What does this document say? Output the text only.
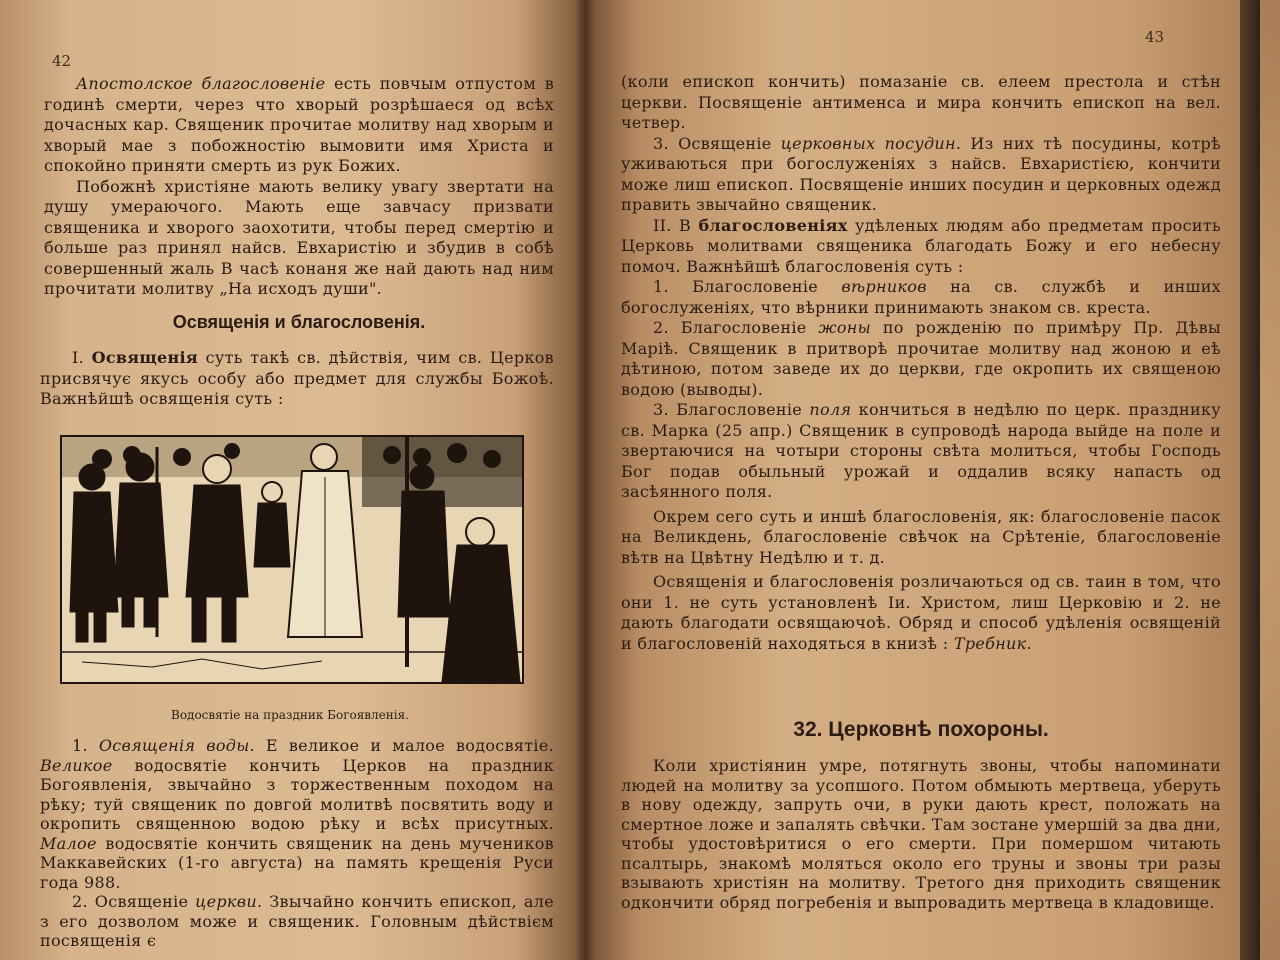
42

Апостолское благословеніе есть повчым отпустом в годинѣ смерти, через что хворый розрѣшаеся од всѣх дочасных кар. Священик прочитае молитву над хворым и хворый мае з побожностію вымовити имя Христа и спокойно приняти смерть из рук Божих.

Побожнѣ христіяне мають велику увагу звертати на душу умераючого. Мають еще завчасу призвати священика и хворого заохотити, чтобы перед смертію и больше раз принял найсв. Евхаристію и збудив в собѣ совершенный жаль В часѣ конаня же най дають над ним прочитати молитву „На исходъ души".

Освященія и благословенія.

I. Освященія суть такѣ св. дѣйствія, чим св. Церков присвячує якусь особу або предмет для службы Божоѣ. Важнѣйшѣ освященія суть :

Водосвятіе на праздник Богоявленія.

1. Освященія воды. Е великое и малое водосвятіе. Великое водосвятіе кончить Церков на праздник Богоявленія, звычайно з торжественным походом на рѣку; туй священик по довгой молитвѣ посвятить воду и окропить священною водою рѣку и всѣх присутных. Малое водосвятіе кончить священик на день мучеников Маккавейских (1-го августа) на память крещенія Руси года 988.

2. Освященіе церкви. Звычайно кончить епископ, але з его дозволом може и священик. Головным дѣйствієм посвященія є

43

(коли епископ кончить) помазаніе св. елеем престола и стѣн церкви. Посвященіе антименса и мира кончить епископ на вел. четвер.

3. Освященіе церковных посудин. Из них тѣ посудины, котрѣ уживаються при богослуженіях з найсв. Евхаристією, кончити може лиш епископ. Посвященіе инших посудин и церковных одежд править звычайно священик.

II. В благословеніях удѣленых людям або предметам просить Церковь молитвами священика благодать Божу и его небесну помоч. Важнѣйшѣ благословенія суть :

1. Благословеніе вѣрников на св. службѣ и инших богослуженіях, что вѣрники принимають знаком св. креста.

2. Благословеніе жоны по рожденію по примѣру Пр. Дѣвы Маріѣ. Священик в притворѣ прочитае молитву над жоною и еѣ дѣтиною, потом заведе их до церкви, где окропить их священою водою (выводы).

3. Благословеніе поля кончиться в недѣлю по церк. празднику св. Марка (25 апр.) Священик в супроводѣ народа выйде на поле и звертаючися на чотыри стороны свѣта молиться, чтобы Господь Бог подав обыльный урожай и оддалив всяку напасть од засѣянного поля.

Окрем сего суть и иншѣ благословенія, як: благословеніе пасок на Великдень, благословеніе свѣчок на Срѣтеніе, благословеніе вѣтв на Цвѣтну Недѣлю и т. д.

Освященія и благословенія розличаються од св. таин в том, что они 1. не суть установленѣ Іи. Христом, лиш Церковію и 2. не дають благодати освящаючоѣ. Обряд и способ удѣленія освященій и благословеній находяться в книзѣ : Требник.

32. Церковнѣ похороны.

Коли христіянин умре, потягнуть звоны, чтобы напоминати людей на молитву за усопшого. Потом обмыють мертвеца, уберуть в нову одежду, запруть очи, в руки дають крест, положать на смертное ложе и запалять свѣчки. Там зостане умершій за два дни, чтобы удостовѣритися о его смерти. При помершом читають псалтырь, знакомѣ моляться около его труны и звоны три разы взывають христіян на молитву. Третого дня приходить священик одкончити обряд погребенія и выпровадить мертвеца в кладовище.
